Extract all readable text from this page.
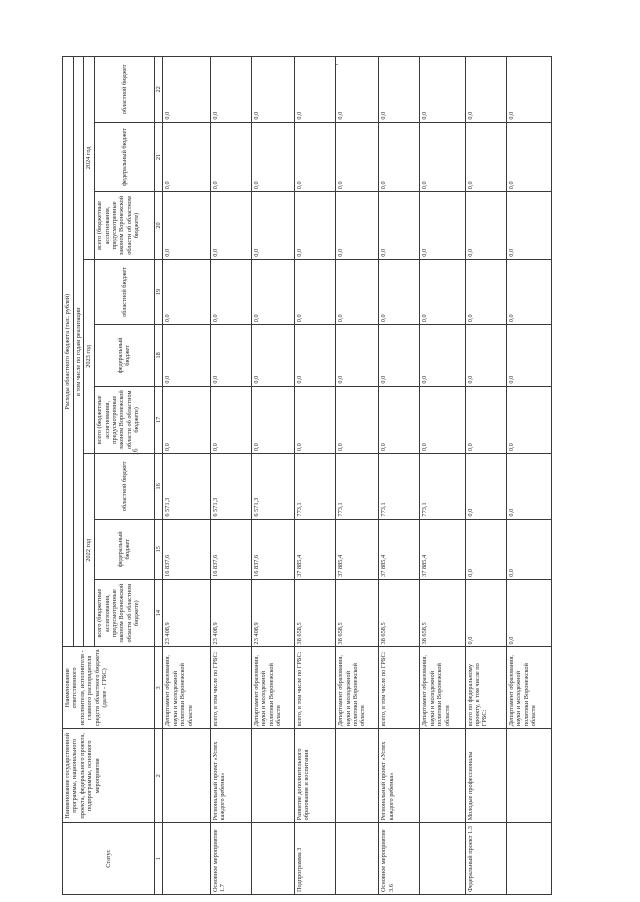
16
Статус	Наименование государственной программы, национального проекта, федерального проекта, подпрограммы, основного мероприятия	Наименование ответственного исполнителя, исполнителя - главного распорядителя средств областного бюджета (далее - ГРБС)	Расходы областного бюджета (тыс. рублей)								
			в том числе по годам реализации								
			2022 год			2023 год			2024 год		
			всего (бюджетные ассигнования, предусмотренные законом Воронежской области об областном бюджете)	федеральный бюджет	областной бюджет	всего (бюджетные ассигнования, предусмотренные законом Воронежской области об областном бюджете)	федеральный бюджет	областной бюджет	всего (бюджетные ассигнования, предусмотренные законом Воронежской области об областном бюджете)	федеральный бюджет	областной бюджет
1	2	3	14	15	16	17	18	19	20	21	22
		Департамент образования, науки и молодежной политики Воронежской области	23 408,9	16 837,6	6 571,3	0,0	0,0	0,0	0,0	0,0	0,0
Основное мероприятие 1.7	Региональный проект «Успех каждого ребенка»	всего, в том числе по ГРБС:	23 408,9	16 837,6	6 571,3	0,0	0,0	0,0	0,0	0,0	0,0
		Департамент образования, науки и молодежной политики Воронежской области	23 408,9	16 837,6	6 571,3	0,0	0,0	0,0	0,0	0,0	0,0
Подпрограмма 3	Развитие дополнительного образования и воспитания	всего, в том числе по ГРБС:	38 658,5	37 885,4	773,1	0,0	0,0	0,0	0,0	0,0	0,0
		Департамент образования, науки и молодежной политики Воронежской области	38 658,5	37 885,4	773,1	0,0	0,0	0,0	0,0	0,0	0,0
Основное мероприятие 3.6	Региональный проект «Успех каждого ребенка»	всего, в том числе по ГРБС:	38 658,5	37 885,4	773,1	0,0	0,0	0,0	0,0	0,0	0,0
		Департамент образования, науки и молодежной политики Воронежской области	38 658,5	37 885,4	773,1	0,0	0,0	0,0	0,0	0,0	0,0
Федеральный проект 1.3	Молодые профессионалы	всего по федеральному проекту, в том числе по ГРБС:	0,0	0,0	0,0	0,0	0,0	0,0	0,0	0,0	0,0
		Департамент образования, науки и молодежной политики Воронежской области	0,0	0,0	0,0	0,0	0,0	0,0	0,0	0,0	0,0
